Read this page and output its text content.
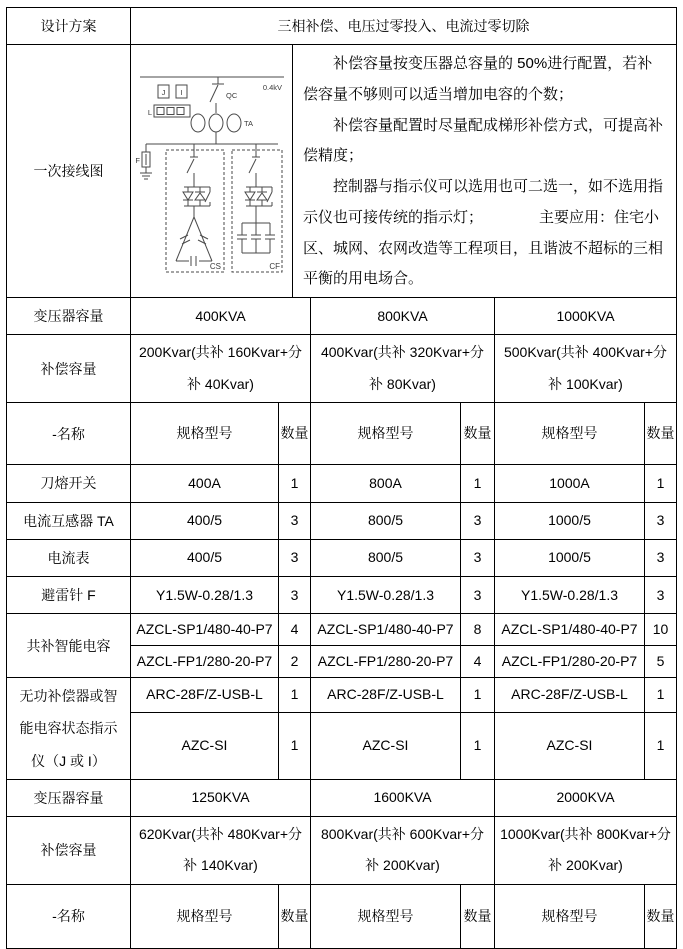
设计方案	三相补偿、电压过零投入、电流过零切除						
一次接线图	
0.4kV
QC
TA
F
J I
L
CS	CF

补偿容量按变压器总容量的 50%进行配置，若补偿容量不够则可以适当增加电容的个数；

补偿容量配置时尽量配成梯形补偿方式，可提高补偿精度；

控制器与指示仪可以选用也可二选一，如不选用指示仪也可接传统的指示灯；	主要应用：住宅小区、城网、农网改造等工程项目，且谐波不超标的三相平衡的用电场合。

变压器容量	400KVA			800KVA		1000KVA	
补偿容量	200Kvar(共补 160Kvar+分补 40Kvar)			400Kvar(共补 320Kvar+分补 80Kvar)		500Kvar(共补 400Kvar+分补 100Kvar)	
-名称	规格型号	数量		规格型号	数量	规格型号	数量
刀熔开关	400A	1		800A	1	1000A	1
电流互感器 TA	400/5	3		800/5	3	1000/5	3
电流表	400/5	3		800/5	3	1000/5	3
避雷针 F	Y1.5W-0.28/1.3	3		Y1.5W-0.28/1.3	3	Y1.5W-0.28/1.3	3
共补智能电容	AZCL-SP1/480-40-P7	4		AZCL-SP1/480-40-P7	8	AZCL-SP1/480-40-P7	10
	AZCL-FP1/280-20-P7	2		AZCL-FP1/280-20-P7	4	AZCL-FP1/280-20-P7	5
无功补偿器或智能电容状态指示仪（J 或 I）	ARC-28F/Z-USB-L	1		ARC-28F/Z-USB-L	1	ARC-28F/Z-USB-L	1
	AZC-SI	1		AZC-SI	1	AZC-SI	1
变压器容量	1250KVA			1600KVA		2000KVA	
补偿容量	620Kvar(共补 480Kvar+分补 140Kvar)			800Kvar(共补 600Kvar+分补 200Kvar)		1000Kvar(共补 800Kvar+分补 200Kvar)	
-名称	规格型号	数量		规格型号	数量	规格型号	数量
